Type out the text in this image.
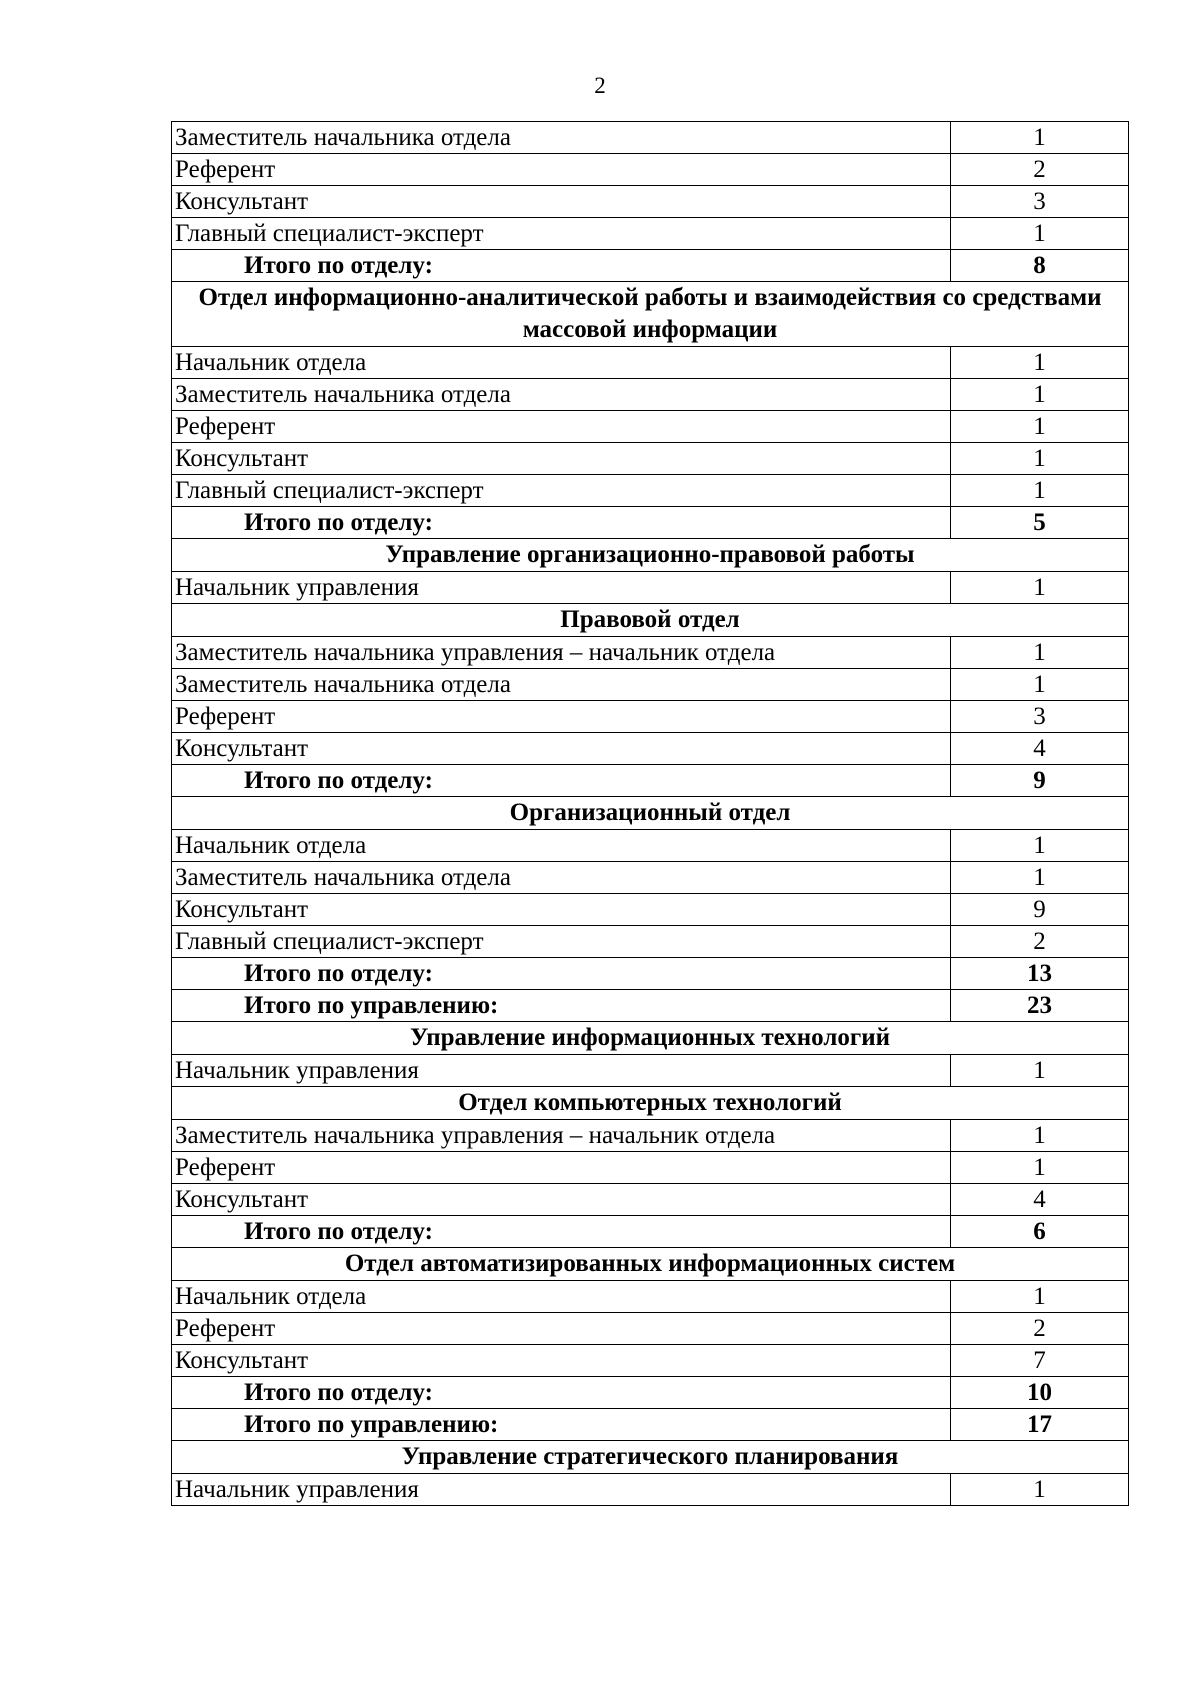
2
Заместитель начальника отдела	1
Референт	2
Консультант	3
Главный специалист-эксперт	1
Итого по отделу:	8
Отдел информационно-аналитической работы и взаимодействия со средствами массовой информации	
Начальник отдела	1
Заместитель начальника отдела	1
Референт	1
Консультант	1
Главный специалист-эксперт	1
Итого по отделу:	5
Управление организационно-правовой работы	
Начальник управления	1
Правовой отдел	
Заместитель начальника управления – начальник отдела	1
Заместитель начальника отдела	1
Референт	3
Консультант	4
Итого по отделу:	9
Организационный отдел	
Начальник отдела	1
Заместитель начальника отдела	1
Консультант	9
Главный специалист-эксперт	2
Итого по отделу:	13
Итого по управлению:	23
Управление информационных технологий	
Начальник управления	1
Отдел компьютерных технологий	
Заместитель начальника управления – начальник отдела	1
Референт	1
Консультант	4
Итого по отделу:	6
Отдел автоматизированных информационных систем	
Начальник отдела	1
Референт	2
Консультант	7
Итого по отделу:	10
Итого по управлению:	17
Управление стратегического планирования	
Начальник управления	1
